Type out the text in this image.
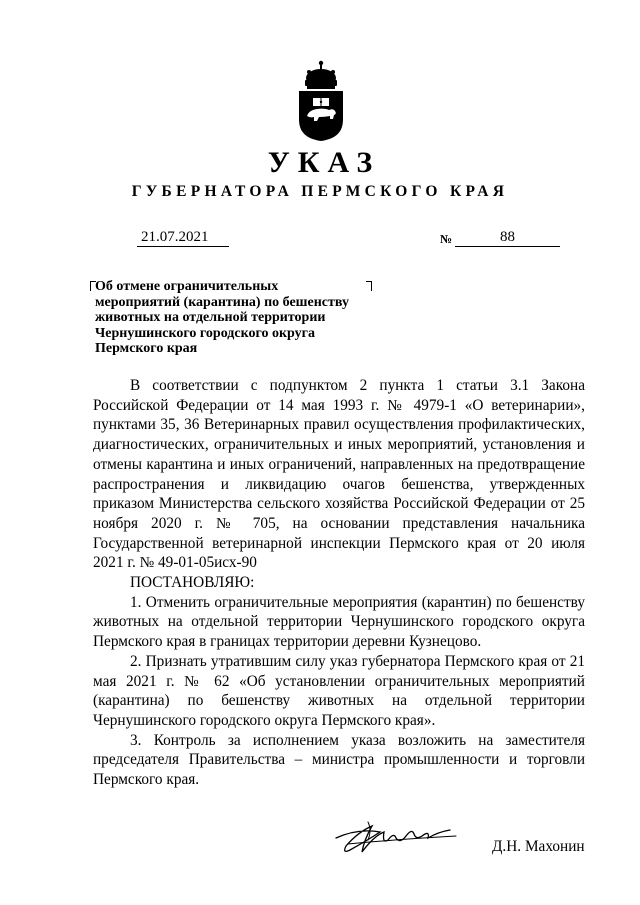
УКАЗ
ГУБЕРНАТОРА ПЕРМСКОГО КРАЯ
21.07.2021	№	88
Об отмене ограничительных
мероприятий (карантина) по бешенству
животных на отдельной территории
Чернушинского городского округа
Пермского края

В соответствии с подпунктом 2 пункта 1 статьи 3.1 Закона Российской Федерации от 14 мая 1993 г. № 4979-1 «О ветеринарии», пунктами 35, 36 Ветеринарных правил осуществления профилактических, диагностических, ограничительных и иных мероприятий, установления и отмены карантина и иных ограничений, направленных на предотвращение распространения и ликвидацию очагов бешенства, утвержденных приказом Министерства сельского хозяйства Российской Федерации от 25 ноября 2020 г. № 705, на основании представления начальника Государственной ветеринарной инспекции Пермского края от 20 июля 2021 г. № 49-01-05исх-90

ПОСТАНОВЛЯЮ:

1. Отменить ограничительные мероприятия (карантин) по бешенству животных на отдельной территории Чернушинского городского округа Пермского края в границах территории деревни Кузнецово.

2. Признать утратившим силу указ губернатора Пермского края от 21 мая 2021 г. № 62 «Об установлении ограничительных мероприятий (карантина) по бешенству животных на отдельной территории Чернушинского городского округа Пермского края».

3. Контроль за исполнением указа возложить на заместителя председателя Правительства – министра промышленности и торговли Пермского края.

Д.Н. Махонин
